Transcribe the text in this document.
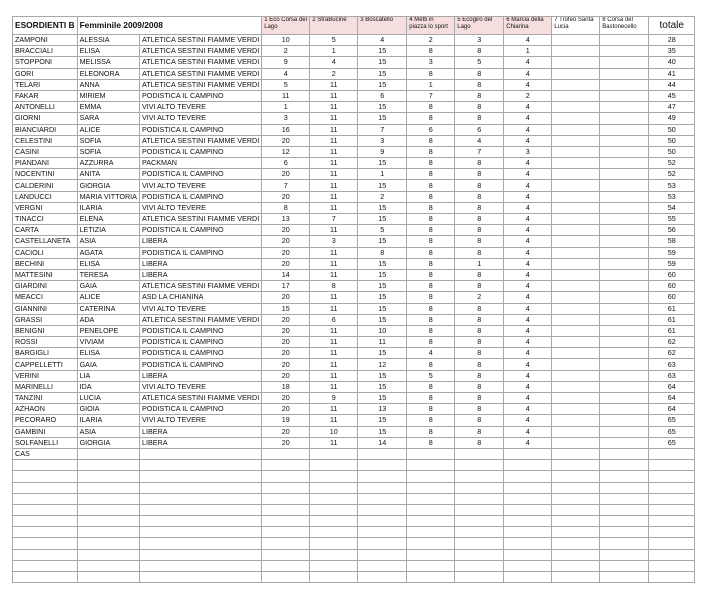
ESORDIENTI B	Femminile 2009/2008		1 Eco Corsa del Lago	2 StraBucine	3 Boscatello	4 Metti in piazza lo sport	5 Ecogiro del Lago	6 Marcia della Chiarina	7 Trofeo Santa Lucia	8 Corsa del Bastonecello	totale
ZAMPONI	ALESSIA	ATLETICA SESTINI FIAMME VERDI	10	5	4	2	3	4			28
BRACCIALI	ELISA	ATLETICA SESTINI FIAMME VERDI	2	1	15	8	8	1			35
STOPPONI	MELISSA	ATLETICA SESTINI FIAMME VERDI	9	4	15	3	5	4			40
GORI	ELEONORA	ATLETICA SESTINI FIAMME VERDI	4	2	15	8	8	4			41
TELARI	ANNA	ATLETICA SESTINI FIAMME VERDI	5	11	15	1	8	4			44
FAKAR	MIRIEM	PODISTICA IL CAMPINO	11	11	6	7	8	2			45
ANTONELLI	EMMA	VIVI ALTO TEVERE	1	11	15	8	8	4			47
GIORNI	SARA	VIVI ALTO TEVERE	3	11	15	8	8	4			49
BIANCIARDI	ALICE	PODISTICA IL CAMPINO	16	11	7	6	6	4			50
CELESTINI	SOFIA	ATLETICA SESTINI FIAMME VERDI	20	11	3	8	4	4			50
CASINI	SOFIA	PODISTICA IL CAMPINO	12	11	9	8	7	3			50
PIANDANI	AZZURRA	PACKMAN	6	11	15	8	8	4			52
NOCENTINI	ANITA	PODISTICA IL CAMPINO	20	11	1	8	8	4			52
CALDERINI	GIORGIA	VIVI ALTO TEVERE	7	11	15	8	8	4			53
LANDUCCI	MARIA VITTORIA	PODISTICA IL CAMPINO	20	11	2	8	8	4			53
VERGNI	ILARIA	VIVI ALTO TEVERE	8	11	15	8	8	4			54
TINACCI	ELENA	ATLETICA SESTINI FIAMME VERDI	13	7	15	8	8	4			55
CARTA	LETIZIA	PODISTICA IL CAMPINO	20	11	5	8	8	4			56
CASTELLANETA	ASIA	LIBERA	20	3	15	8	8	4			58
CACIOLI	AGATA	PODISTICA IL CAMPINO	20	11	8	8	8	4			59
BECHINI	ELISA	LIBERA	20	11	15	8	1	4			59
MATTESINI	TERESA	LIBERA	14	11	15	8	8	4			60
GIARDINI	GAIA	ATLETICA SESTINI FIAMME VERDI	17	8	15	8	8	4			60
MEACCI	ALICE	ASD LA CHIANINA	20	11	15	8	2	4			60
GIANNINI	CATERINA	VIVI ALTO TEVERE	15	11	15	8	8	4			61
GRASSI	ADA	ATLETICA SESTINI FIAMME VERDI	20	6	15	8	8	4			61
BENIGNI	PENELOPE	PODISTICA IL CAMPINO	20	11	10	8	8	4			61
ROSSI	VIVIAM	PODISTICA IL CAMPINO	20	11	11	8	8	4			62
BARGIGLI	ELISA	PODISTICA IL CAMPINO	20	11	15	4	8	4			62
CAPPELLETTI	GAIA	PODISTICA IL CAMPINO	20	11	12	8	8	4			63
VERINI	LIA	LIBERA	20	11	15	5	8	4			63
MARINELLI	IDA	VIVI ALTO TEVERE	18	11	15	8	8	4			64
TANZINI	LUCIA	ATLETICA SESTINI FIAMME VERDI	20	9	15	8	8	4			64
AZHAON	GIOIA	PODISTICA IL CAMPINO	20	11	13	8	8	4			64
PECORARO	ILARIA	VIVI ALTO TEVERE	19	11	15	8	8	4			65
GAMBINI	ASIA	LIBERA	20	10	15	8	8	4			65
SOLFANELLI	GIORGIA	LIBERA	20	11	14	8	8	4			65
CAS											
